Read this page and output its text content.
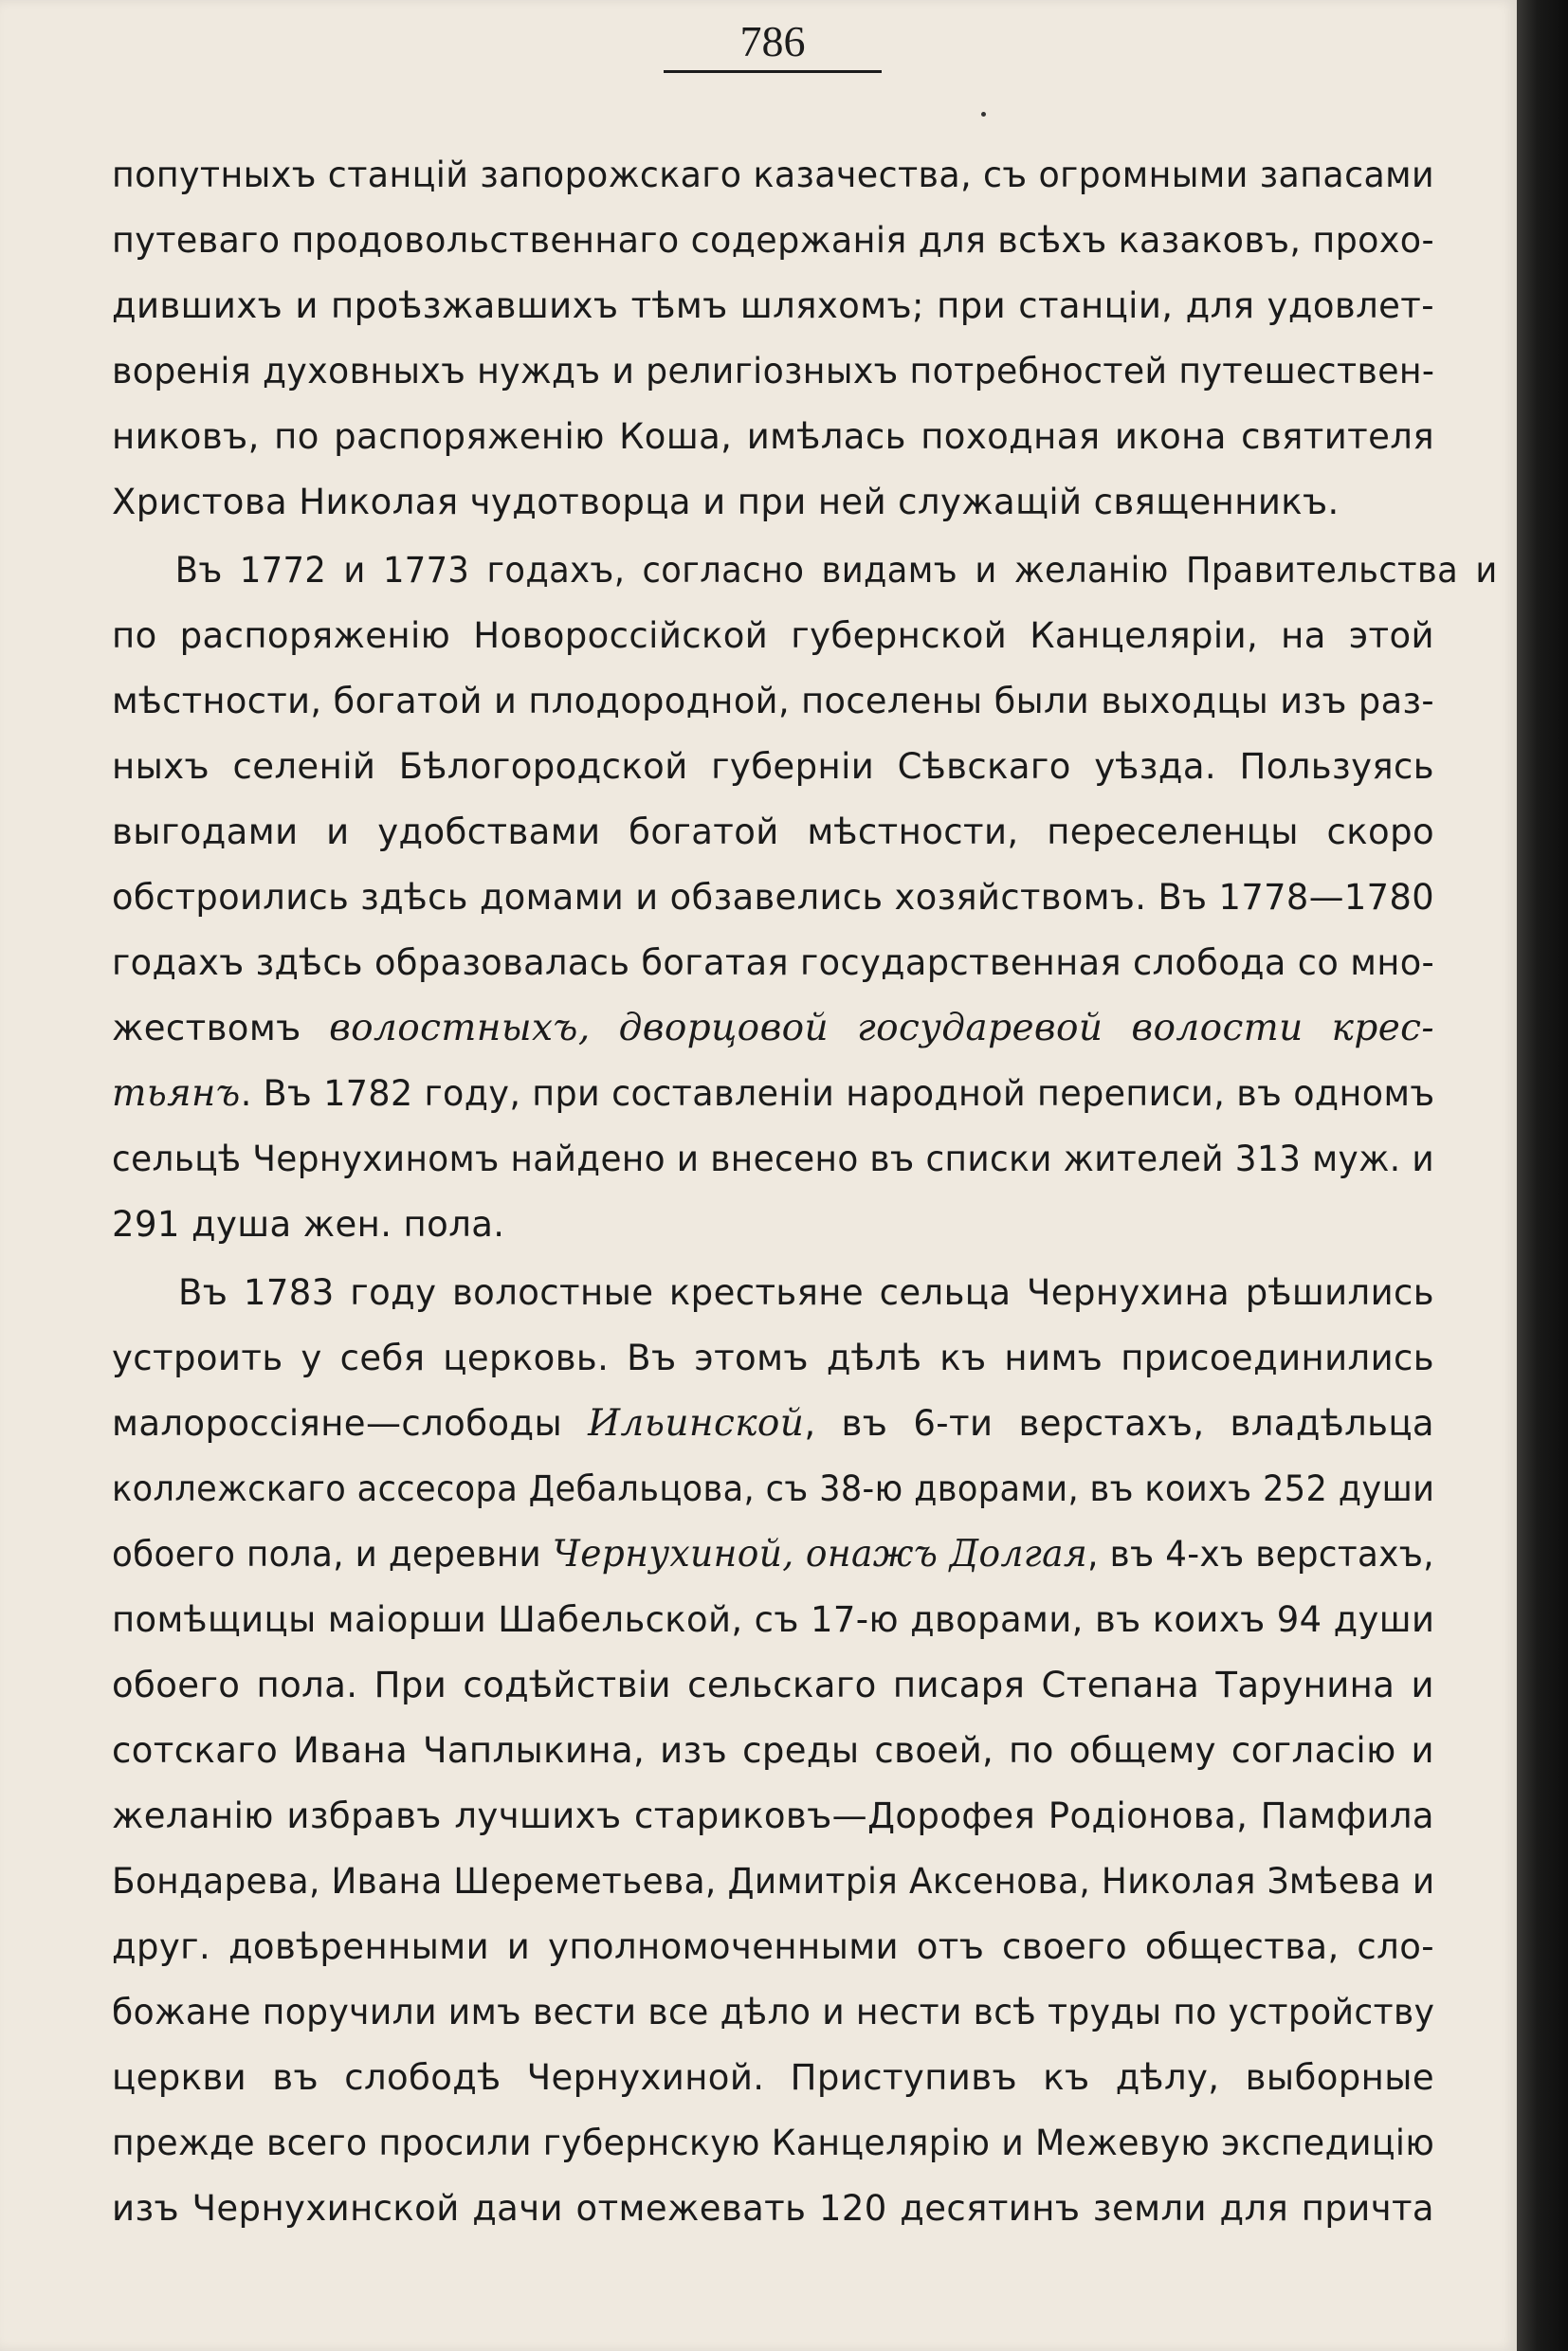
786
попутныхъ станцій запорожскаго казачества, съ огромными запасами
путеваго продовольственнаго содержанія для всѣхъ казаковъ, прохо-
дившихъ и проѣзжавшихъ тѣмъ шляхомъ; при станціи, для удовлет-
воренія духовныхъ нуждъ и религіозныхъ потребностей путешествен-
никовъ, по распоряженію Коша, имѣлась походная икона святителя
Христова Николая чудотворца и при ней служащій священникъ.
Въ 1772 и 1773 годахъ, согласно видамъ и желанію Правительства и
по распоряженію Новороссійской губернской Канцеляріи, на этой
мѣстности, богатой и плодородной, поселены были выходцы изъ раз-
ныхъ селеній Бѣлогородской губерніи Сѣвскаго уѣзда. Пользуясь
выгодами и удобствами богатой мѣстности, переселенцы скоро
обстроились здѣсь домами и обзавелись хозяйствомъ. Въ 1778—1780
годахъ здѣсь образовалась богатая государственная слобода со мно-
жествомъ волостныхъ, дворцовой государевой волости крес-
тьянъ. Въ 1782 году, при составленіи народной переписи, въ одномъ
сельцѣ Чернухиномъ найдено и внесено въ списки жителей 313 муж. и
291 душа жен. пола.
Въ 1783 году волостные крестьяне сельца Чернухина рѣшились
устроить у себя церковь. Въ этомъ дѣлѣ къ нимъ присоединились
малороссіяне—слободы Ильинской, въ 6-ти верстахъ, владѣльца
коллежскаго ассесора Дебальцова, съ 38-ю дворами, въ коихъ 252 души
обоего пола, и деревни Чернухиной, онажъ Долгая, въ 4-хъ верстахъ,
помѣщицы маіорши Шабельской, съ 17-ю дворами, въ коихъ 94 души
обоего пола. При содѣйствіи сельскаго писаря Степана Тарунина и
сотскаго Ивана Чаплыкина, изъ среды своей, по общему согласію и
желанію избравъ лучшихъ стариковъ—Дорофея Родіонова, Памфила
Бондарева, Ивана Шереметьева, Димитрія Аксенова, Николая Змѣева и
друг. довѣренными и уполномоченными отъ своего общества, сло-
божане поручили имъ вести все дѣло и нести всѣ труды по устройству
церкви въ слободѣ Чернухиной. Приступивъ къ дѣлу, выборные
прежде всего просили губернскую Канцелярію и Межевую экспедицію
изъ Чернухинской дачи отмежевать 120 десятинъ земли для причта
